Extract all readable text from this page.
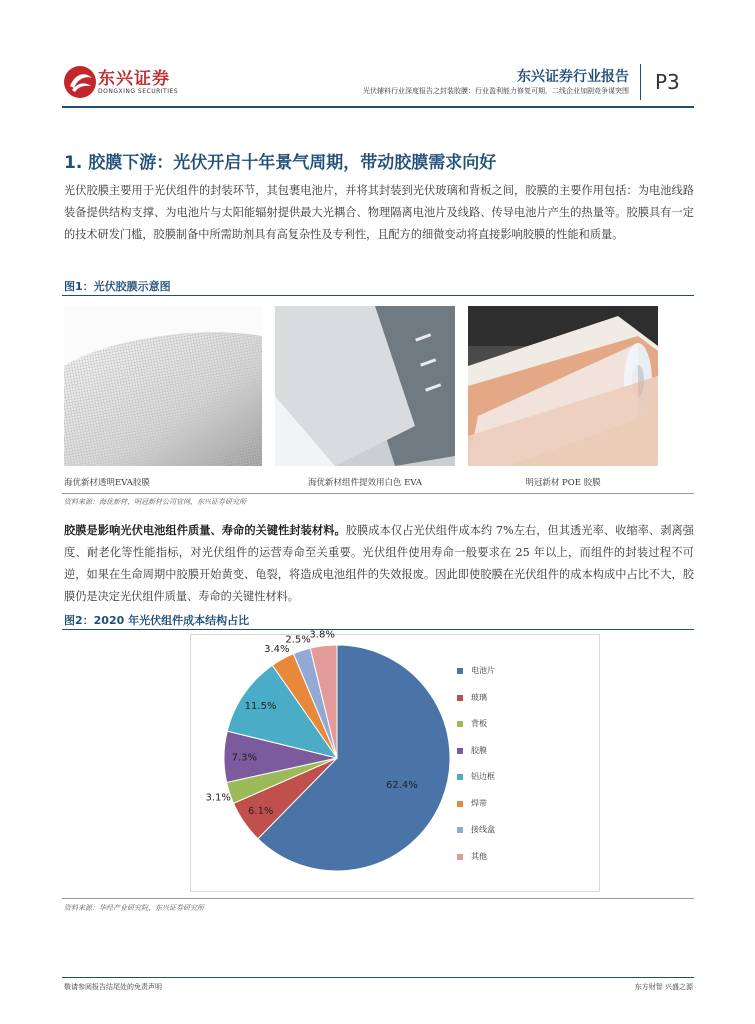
东兴证券
DONGXING SECURITIES
东兴证券行业报告
光伏辅料行业深度报告之封装胶膜：行业盈利能力修复可期，二线企业加剧竞争谋突围 P3
1. 胶膜下游：光伏开启十年景气周期，带动胶膜需求向好
光伏胶膜主要用于光伏组件的封装环节，其包裹电池片，并将其封装到光伏玻璃和背板之间，胶膜的主要作用包括：为电池线路装备提供结构支撑、为电池片与太阳能辐射提供最大光耦合、物理隔离电池片及线路、传导电池片产生的热量等。胶膜具有一定的技术研发门槛，胶膜制备中所需助剂具有高复杂性及专利性，且配方的细微变动将直接影响胶膜的性能和质量。
图1：光伏胶膜示意图
海优新材透明EVA胶膜	海优新材组件提效用白色 EVA	明冠新材 POE 胶膜
资料来源：海优新材、明冠新材公司官网，东兴证券研究所
胶膜是影响光伏电池组件质量、寿命的关键性封装材料。胶膜成本仅占光伏组件成本约 7%左右，但其透光率、收缩率、剥离强度、耐老化等性能指标，对光伏组件的运营寿命至关重要。光伏组件使用寿命一般要求在 25 年以上，而组件的封装过程不可逆，如果在生命周期中胶膜开始黄变、龟裂，将造成电池组件的失效报废。因此即使胶膜在光伏组件的成本构成中占比不大，胶膜仍是决定光伏组件质量、寿命的关键性材料。
图2：2020 年光伏组件成本结构占比
62.4%
6.1%
3.1%
7.3%
11.5%
3.4%
2.5%
3.8%
电池片
玻璃
背板
胶膜
铝边框
焊带
接线盒
其他
资料来源：华经产业研究院，东兴证券研究所
敬请参阅报告结尾处的免责声明	东方财智 兴盛之源
